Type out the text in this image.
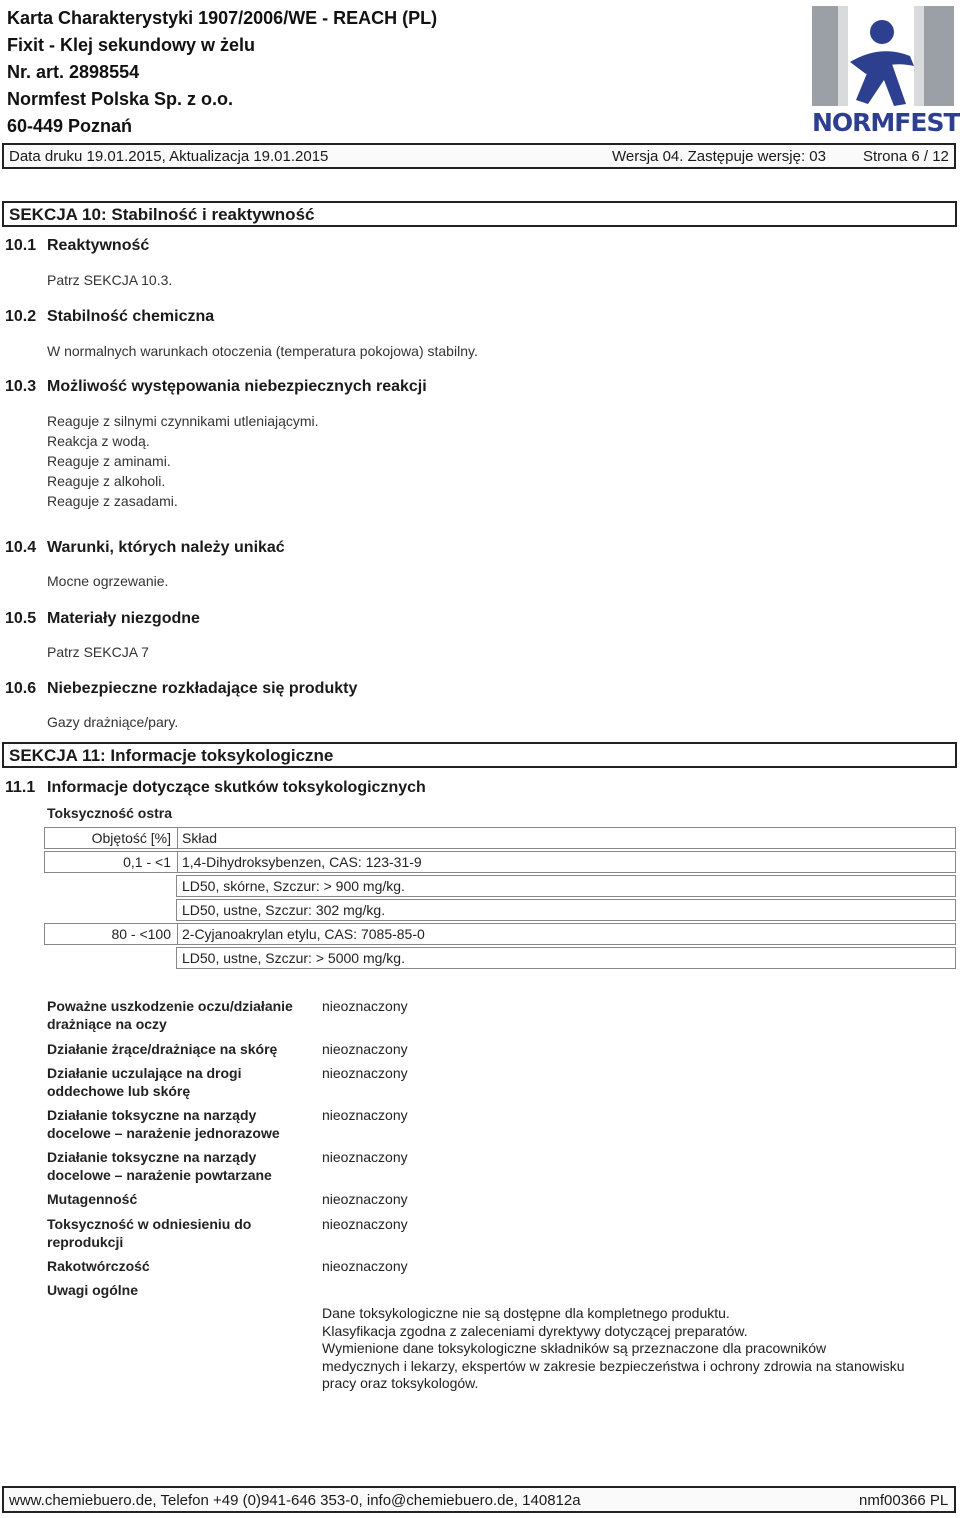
Karta Charakterystyki 1907/2006/WE - REACH (PL)
Fixit - Klej sekundowy w żelu
Nr. art. 2898554
Normfest Polska Sp. z o.o.
60-449 Poznań	NORMFEST
Data druku 19.01.2015, Aktualizacja 19.01.2015	Wersja 04. Zastępuje wersję: 03 Strona 6 / 12
SEKCJA 10: Stabilność i reaktywność
10.1 Reaktywność
Patrz SEKCJA 10.3.
10.2 Stabilność chemiczna
W normalnych warunkach otoczenia (temperatura pokojowa) stabilny.
10.3 Możliwość występowania niebezpiecznych reakcji
Reaguje z silnymi czynnikami utleniającymi.
Reakcja z wodą.
Reaguje z aminami.
Reaguje z alkoholi.
Reaguje z zasadami.
10.4 Warunki, których należy unikać
Mocne ogrzewanie.
10.5 Materiały niezgodne
Patrz SEKCJA 7
10.6 Niebezpieczne rozkładające się produkty
Gazy drażniące/pary.
SEKCJA 11: Informacje toksykologiczne
11.1 Informacje dotyczące skutków toksykologicznych
Toksyczność ostra
Objętość [%] Skład
0,1 - <1 1,4-Dihydroksybenzen, CAS: 123-31-9
LD50, skórne, Szczur: > 900 mg/kg.
LD50, ustne, Szczur: 302 mg/kg.
80 - <100 2-Cyjanoakrylan etylu, CAS: 7085-85-0
LD50, ustne, Szczur: > 5000 mg/kg.
Poważne uszkodzenie oczu/działanie drażniące na oczy
nieoznaczony
Działanie żrące/drażniące na skórę	nieoznaczony
Działanie uczulające na drogi oddechowe lub skórę
nieoznaczony
Działanie toksyczne na narządy docelowe – narażenie jednorazowe
nieoznaczony
Działanie toksyczne na narządy docelowe – narażenie powtarzane
nieoznaczony
Mutagenność	nieoznaczony
Toksyczność w odniesieniu do reprodukcji
nieoznaczony
Rakotwórczość	nieoznaczony
Uwagi ogólne
Dane toksykologiczne nie są dostępne dla kompletnego produktu.
Klasyfikacja zgodna z zaleceniami dyrektywy dotyczącej preparatów.
Wymienione dane toksykologiczne składników są przeznaczone dla pracowników
medycznych i lekarzy, ekspertów w zakresie bezpieczeństwa i ochrony zdrowia na stanowisku
pracy oraz toksykologów.
www.chemiebuero.de, Telefon +49 (0)941-646 353-0, info@chemiebuero.de, 140812a	nmf00366 PL
